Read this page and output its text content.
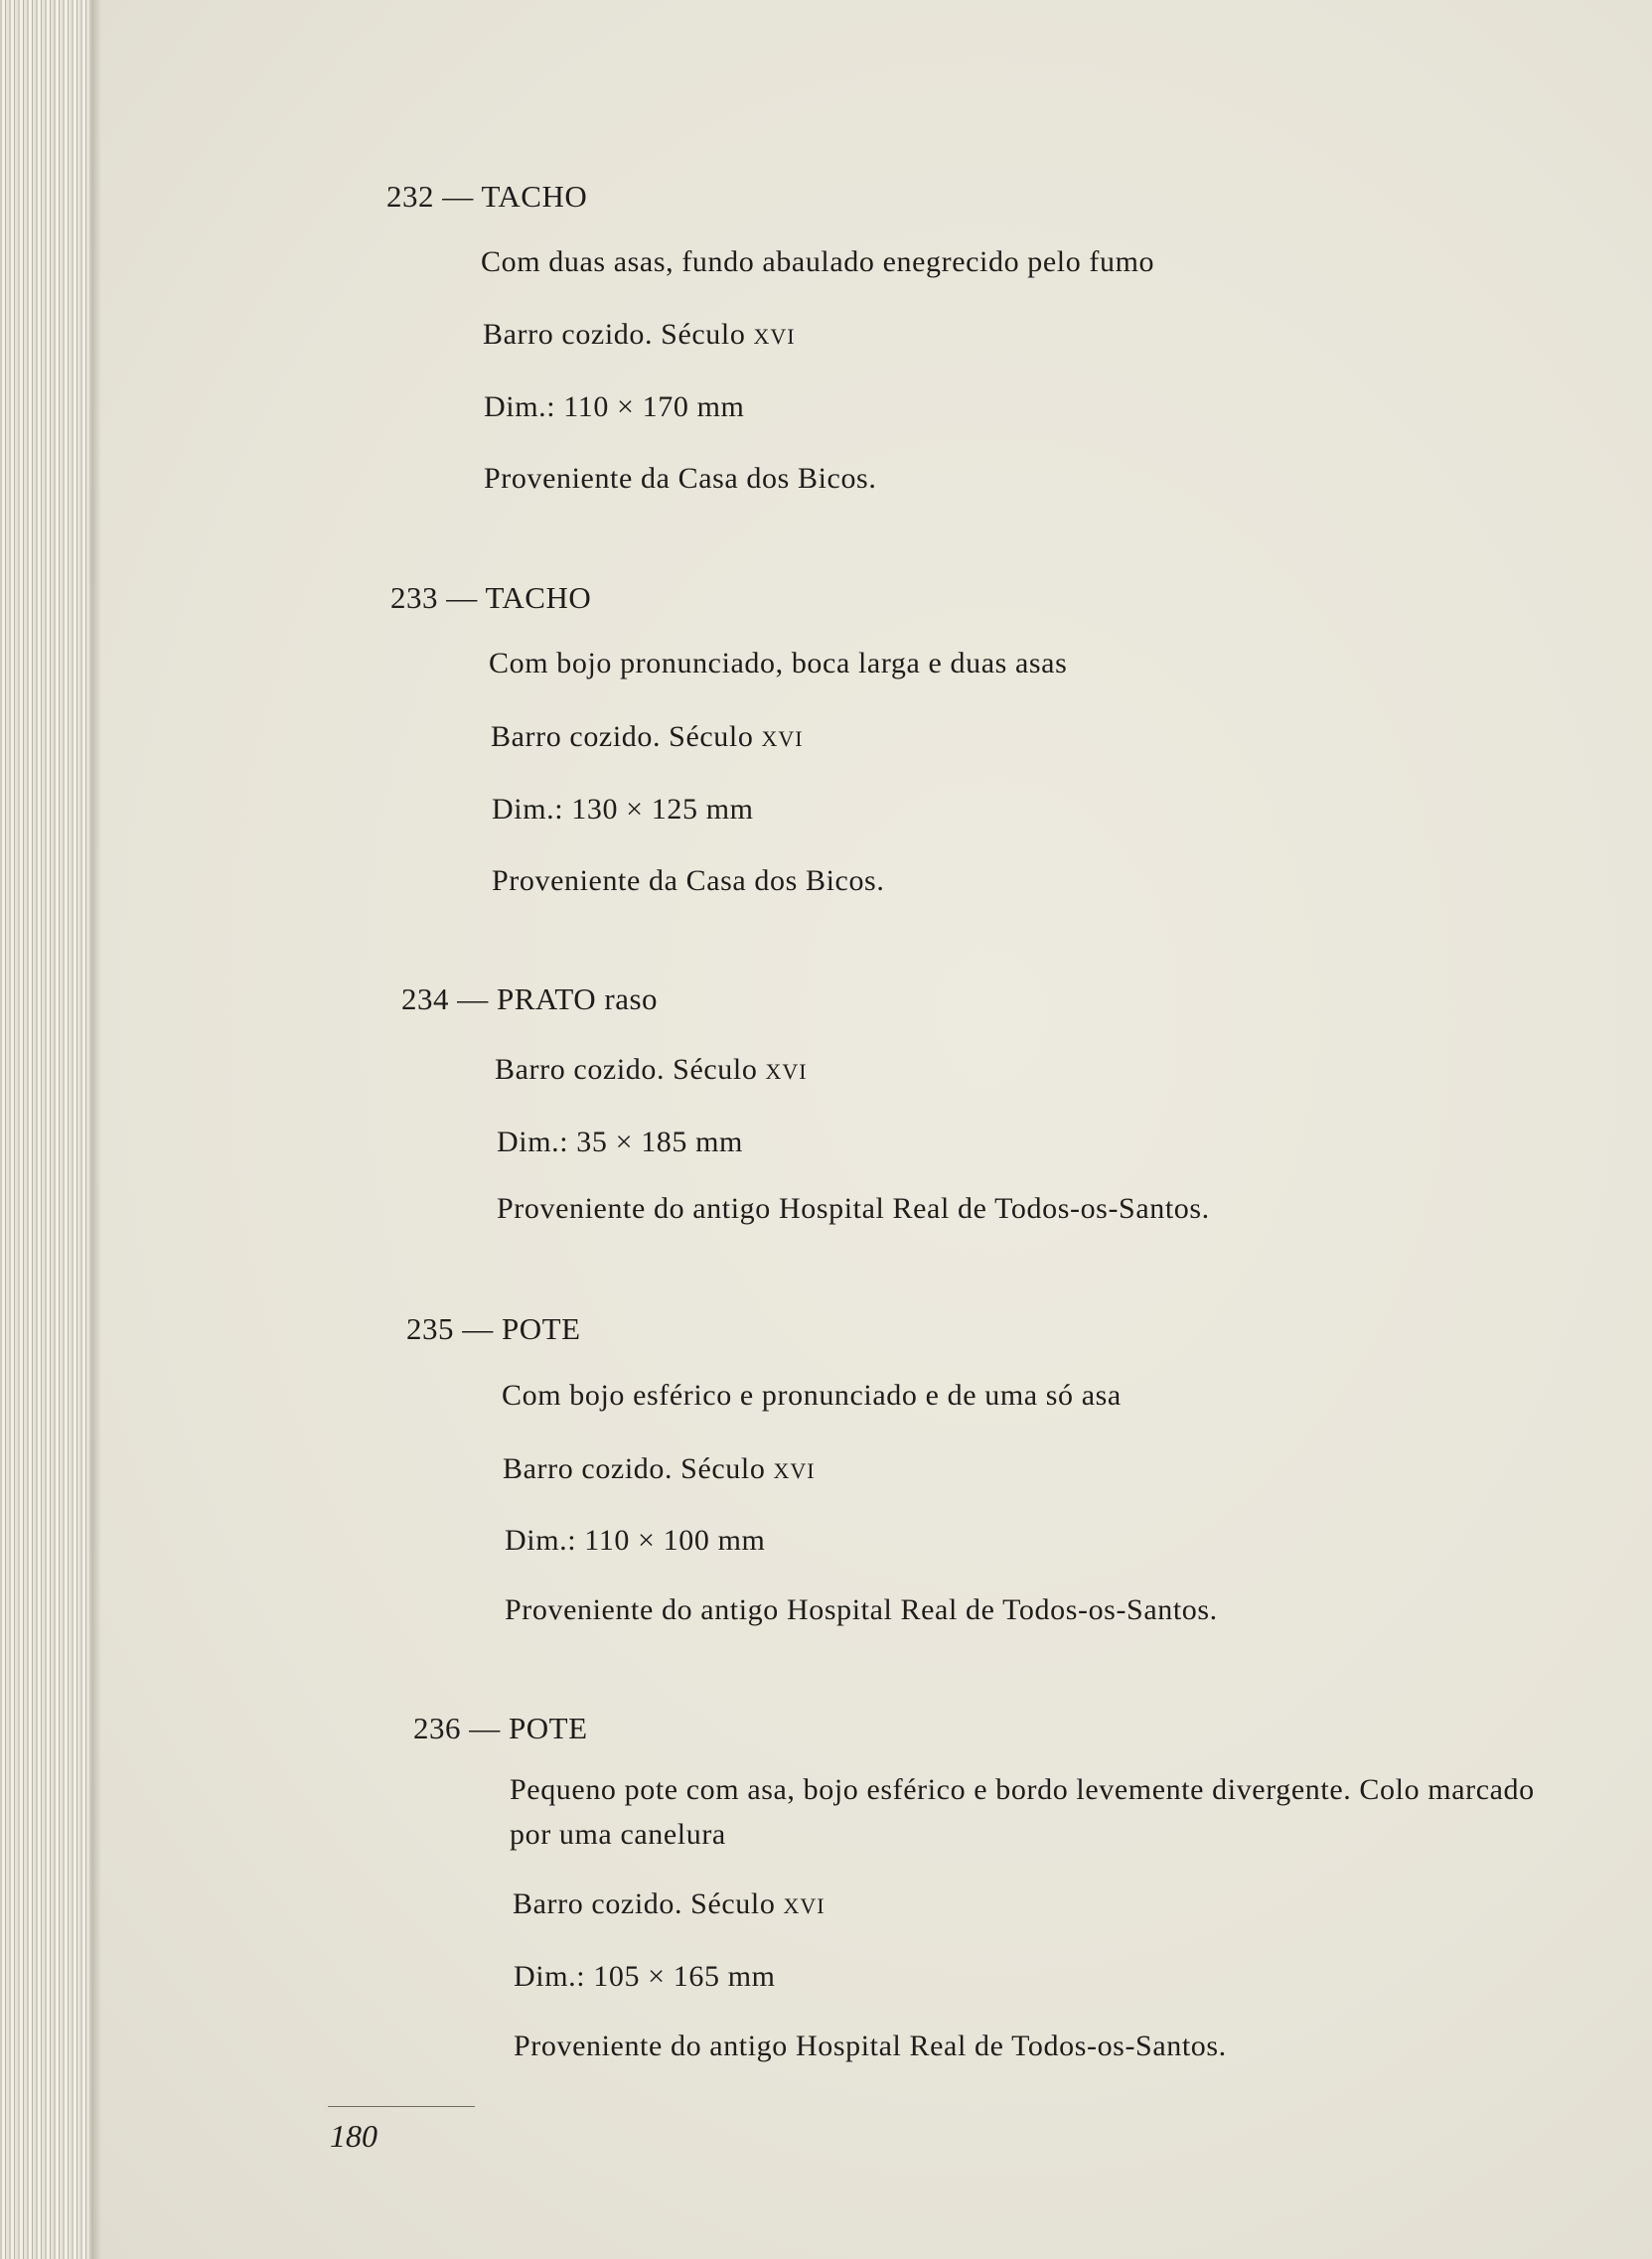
232 — TACHO
Com duas asas, fundo abaulado enegrecido pelo fumo
Barro cozido. Século XVI
Dim.: 110 × 170 mm
Proveniente da Casa dos Bicos.
233 — TACHO
Com bojo pronunciado, boca larga e duas asas
Barro cozido. Século XVI
Dim.: 130 × 125 mm
Proveniente da Casa dos Bicos.
234 — PRATO raso
Barro cozido. Século XVI
Dim.: 35 × 185 mm
Proveniente do antigo Hospital Real de Todos-os-Santos.
235 — POTE
Com bojo esférico e pronunciado e de uma só asa
Barro cozido. Século XVI
Dim.: 110 × 100 mm
Proveniente do antigo Hospital Real de Todos-os-Santos.
236 — POTE
Pequeno pote com asa, bojo esférico e bordo levemente divergente. Colo marcado
por uma canelura
Barro cozido. Século XVI
Dim.: 105 × 165 mm
Proveniente do antigo Hospital Real de Todos-os-Santos.
180
